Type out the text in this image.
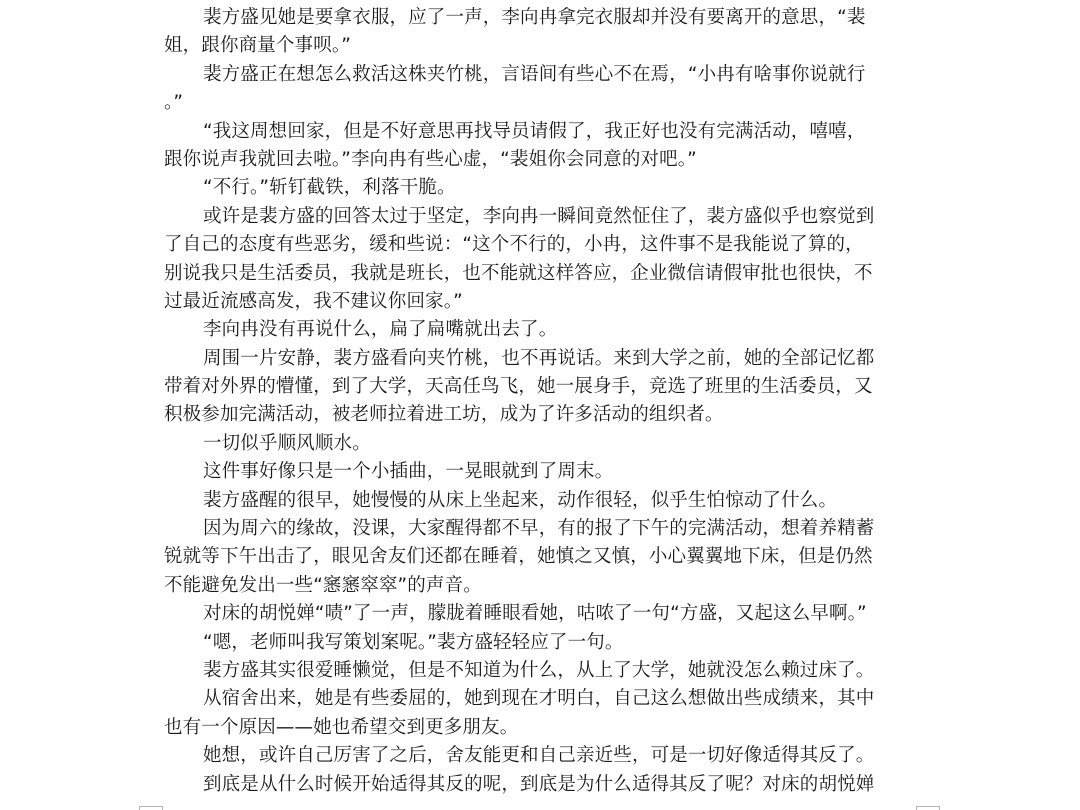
裴方盛见她是要拿衣服，应了一声，李向冉拿完衣服却并没有要离开的意思，“裴
姐，跟你商量个事呗。”
裴方盛正在想怎么救活这株夹竹桃，言语间有些心不在焉，“小冉有啥事你说就行
。”
“我这周想回家，但是不好意思再找导员请假了，我正好也没有完满活动，嘻嘻，
跟你说声我就回去啦。”李向冉有些心虚，“裴姐你会同意的对吧。”
“不行。”斩钉截铁，利落干脆。
或许是裴方盛的回答太过于坚定，李向冉一瞬间竟然怔住了，裴方盛似乎也察觉到
了自己的态度有些恶劣，缓和些说：“这个不行的，小冉，这件事不是我能说了算的，
别说我只是生活委员，我就是班长，也不能就这样答应，企业微信请假审批也很快，不
过最近流感高发，我不建议你回家。”
李向冉没有再说什么，扁了扁嘴就出去了。
周围一片安静，裴方盛看向夹竹桃，也不再说话。来到大学之前，她的全部记忆都
带着对外界的懵懂，到了大学，天高任鸟飞，她一展身手，竞选了班里的生活委员，又
积极参加完满活动，被老师拉着进工坊，成为了许多活动的组织者。
一切似乎顺风顺水。
这件事好像只是一个小插曲，一晃眼就到了周末。
裴方盛醒的很早，她慢慢的从床上坐起来，动作很轻，似乎生怕惊动了什么。
因为周六的缘故，没课，大家醒得都不早，有的报了下午的完满活动，想着养精蓄
锐就等下午出击了，眼见舍友们还都在睡着，她慎之又慎，小心翼翼地下床，但是仍然
不能避免发出一些“窸窸窣窣”的声音。
对床的胡悦婵“啧”了一声，朦胧着睡眼看她，咕哝了一句“方盛，又起这么早啊。”
“嗯，老师叫我写策划案呢。”裴方盛轻轻应了一句。
裴方盛其实很爱睡懒觉，但是不知道为什么，从上了大学，她就没怎么赖过床了。
从宿舍出来，她是有些委屈的，她到现在才明白，自己这么想做出些成绩来，其中
也有一个原因——她也希望交到更多朋友。
她想，或许自己厉害了之后，舍友能更和自己亲近些，可是一切好像适得其反了。
到底是从什么时候开始适得其反的呢，到底是为什么适得其反了呢？对床的胡悦婵
